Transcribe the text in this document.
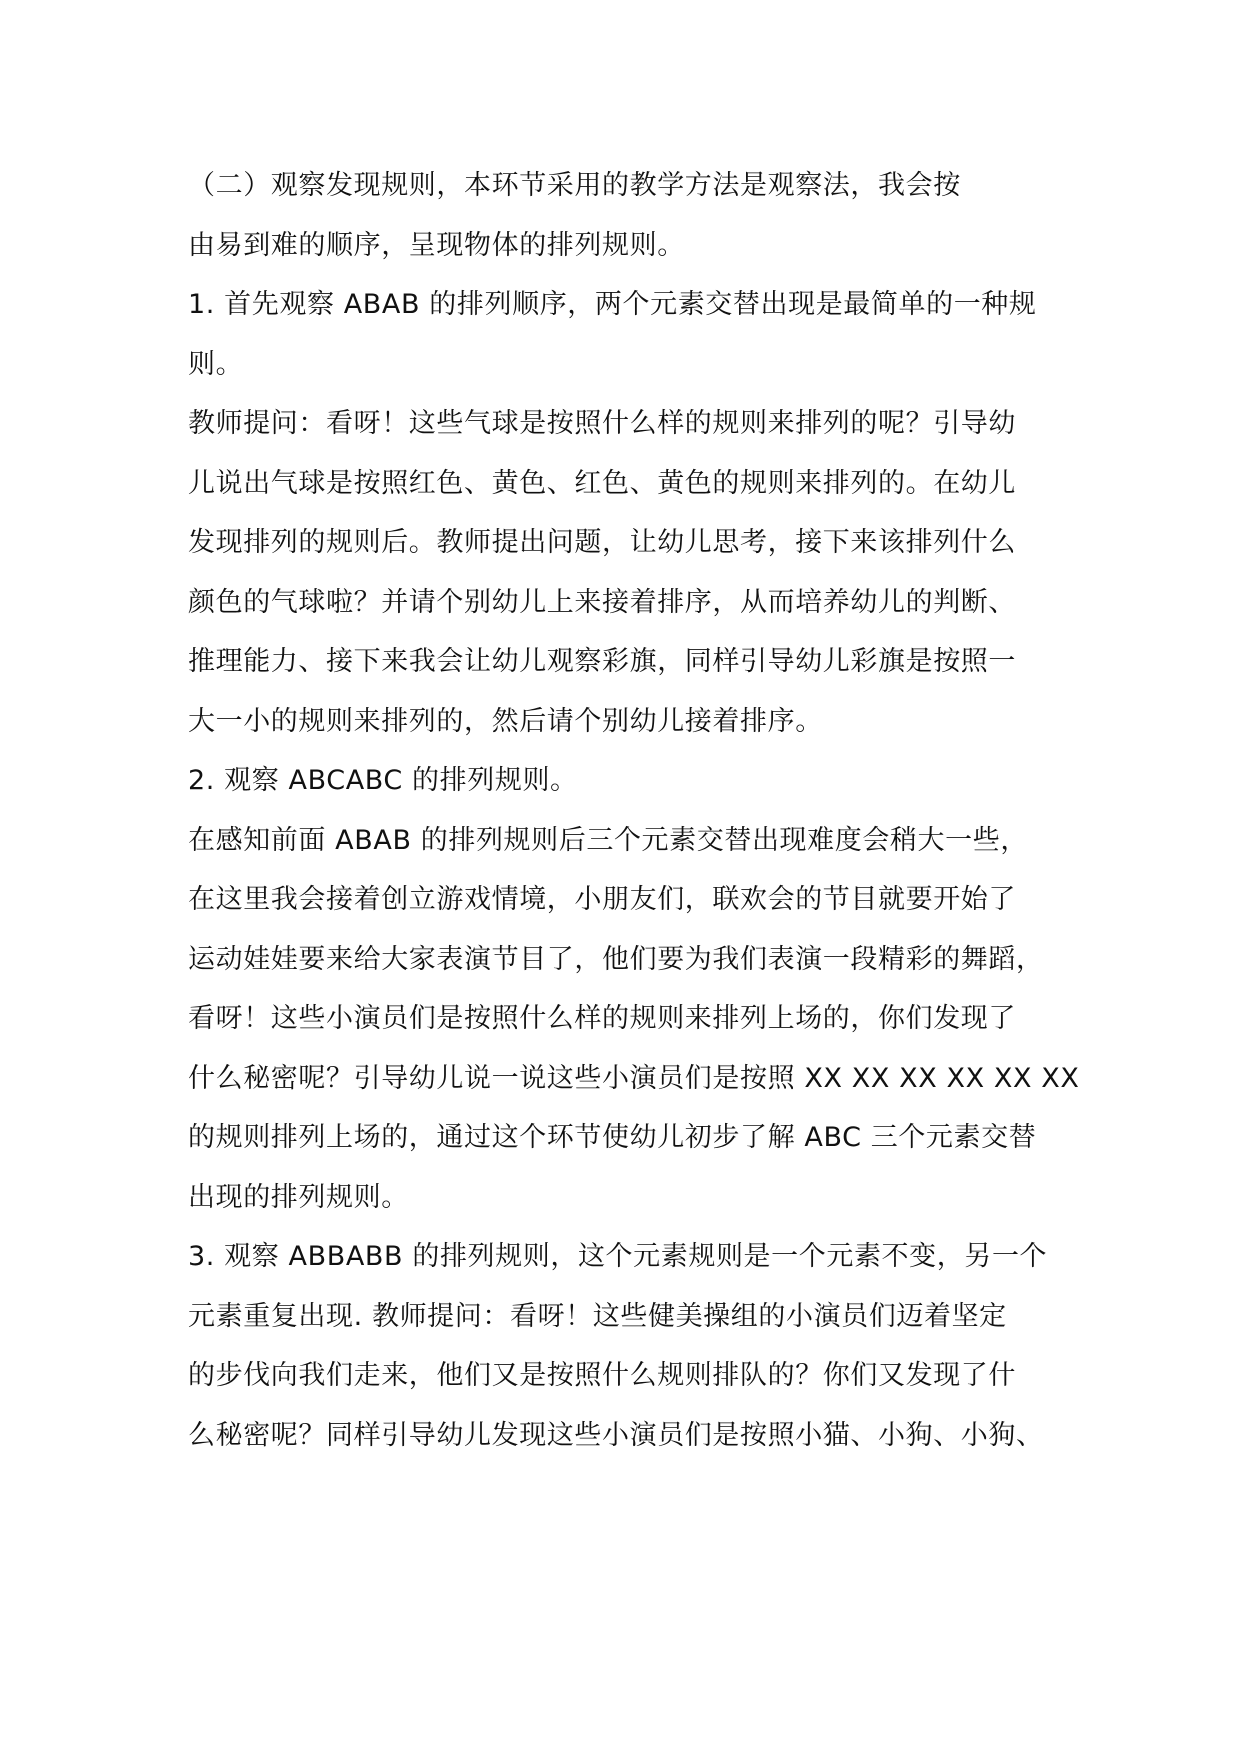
（二）观察发现规则，本环节采用的教学方法是观察法，我会按
由易到难的顺序，呈现物体的排列规则。
1. 首先观察 ABAB 的排列顺序，两个元素交替出现是最简单的一种规
则。
教师提问：看呀！这些气球是按照什么样的规则来排列的呢？引导幼
儿说出气球是按照红色、黄色、红色、黄色的规则来排列的。在幼儿
发现排列的规则后。教师提出问题，让幼儿思考，接下来该排列什么
颜色的气球啦？并请个别幼儿上来接着排序，从而培养幼儿的判断、
推理能力、接下来我会让幼儿观察彩旗，同样引导幼儿彩旗是按照一
大一小的规则来排列的，然后请个别幼儿接着排序。
2. 观察 ABCABC 的排列规则。
在感知前面 ABAB 的排列规则后三个元素交替出现难度会稍大一些，
在这里我会接着创立游戏情境，小朋友们，联欢会的节目就要开始了
运动娃娃要来给大家表演节目了，他们要为我们表演一段精彩的舞蹈，
看呀！这些小演员们是按照什么样的规则来排列上场的，你们发现了
什么秘密呢？引导幼儿说一说这些小演员们是按照 XX XX XX XX XX XX
的规则排列上场的，通过这个环节使幼儿初步了解 ABC 三个元素交替
出现的排列规则。
3. 观察 ABBABB 的排列规则，这个元素规则是一个元素不变，另一个
元素重复出现. 教师提问：看呀！这些健美操组的小演员们迈着坚定
的步伐向我们走来，他们又是按照什么规则排队的？你们又发现了什
么秘密呢？同样引导幼儿发现这些小演员们是按照小猫、小狗、小狗、
